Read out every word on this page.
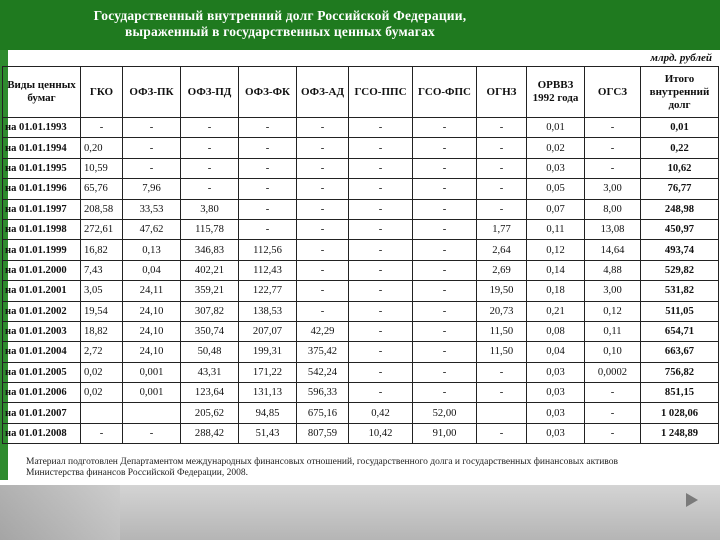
Государственный внутренний долг Российской Федерации,
выраженный в государственных ценных бумагах
млрд. рублей
Виды ценных бумаг	ГКО	ОФЗ-ПК	ОФЗ-ПД	ОФЗ-ФК	ОФЗ-АД	ГСО-ППС	ГСО-ФПС	ОГНЗ	ОРВВЗ 1992 года	ОГСЗ	Итого внутренний долг
на 01.01.1993	-	-	-	-	-	-	-	-	0,01	-	0,01
на 01.01.1994	0,20	-	-	-	-	-	-	-	0,02	-	0,22
на 01.01.1995	10,59	-	-	-	-	-	-	-	0,03	-	10,62
на 01.01.1996	65,76	7,96	-	-	-	-	-	-	0,05	3,00	76,77
на 01.01.1997	208,58	33,53	3,80	-	-	-	-	-	0,07	8,00	248,98
на 01.01.1998	272,61	47,62	115,78	-	-	-	-	1,77	0,11	13,08	450,97
на 01.01.1999	16,82	0,13	346,83	112,56	-	-	-	2,64	0,12	14,64	493,74
на 01.01.2000	7,43	0,04	402,21	112,43	-	-	-	2,69	0,14	4,88	529,82
на 01.01.2001	3,05	24,11	359,21	122,77	-	-	-	19,50	0,18	3,00	531,82
на 01.01.2002	19,54	24,10	307,82	138,53	-	-	-	20,73	0,21	0,12	511,05
на 01.01.2003	18,82	24,10	350,74	207,07	42,29	-	-	11,50	0,08	0,11	654,71
на 01.01.2004	2,72	24,10	50,48	199,31	375,42	-	-	11,50	0,04	0,10	663,67
на 01.01.2005	0,02	0,001	43,31	171,22	542,24	-	-	-	0,03	0,0002	756,82
на 01.01.2006	0,02	0,001	123,64	131,13	596,33	-	-	-	0,03	-	851,15
на 01.01.2007			205,62	94,85	675,16	0,42	52,00		0,03	-	1 028,06
на 01.01.2008	-	-	288,42	51,43	807,59	10,42	91,00	-	0,03	-	1 248,89
Материал подготовлен Департаментом международных финансовых отношений, государственного долга и государственных финансовых активов Министерства финансов Российской Федерации, 2008.
